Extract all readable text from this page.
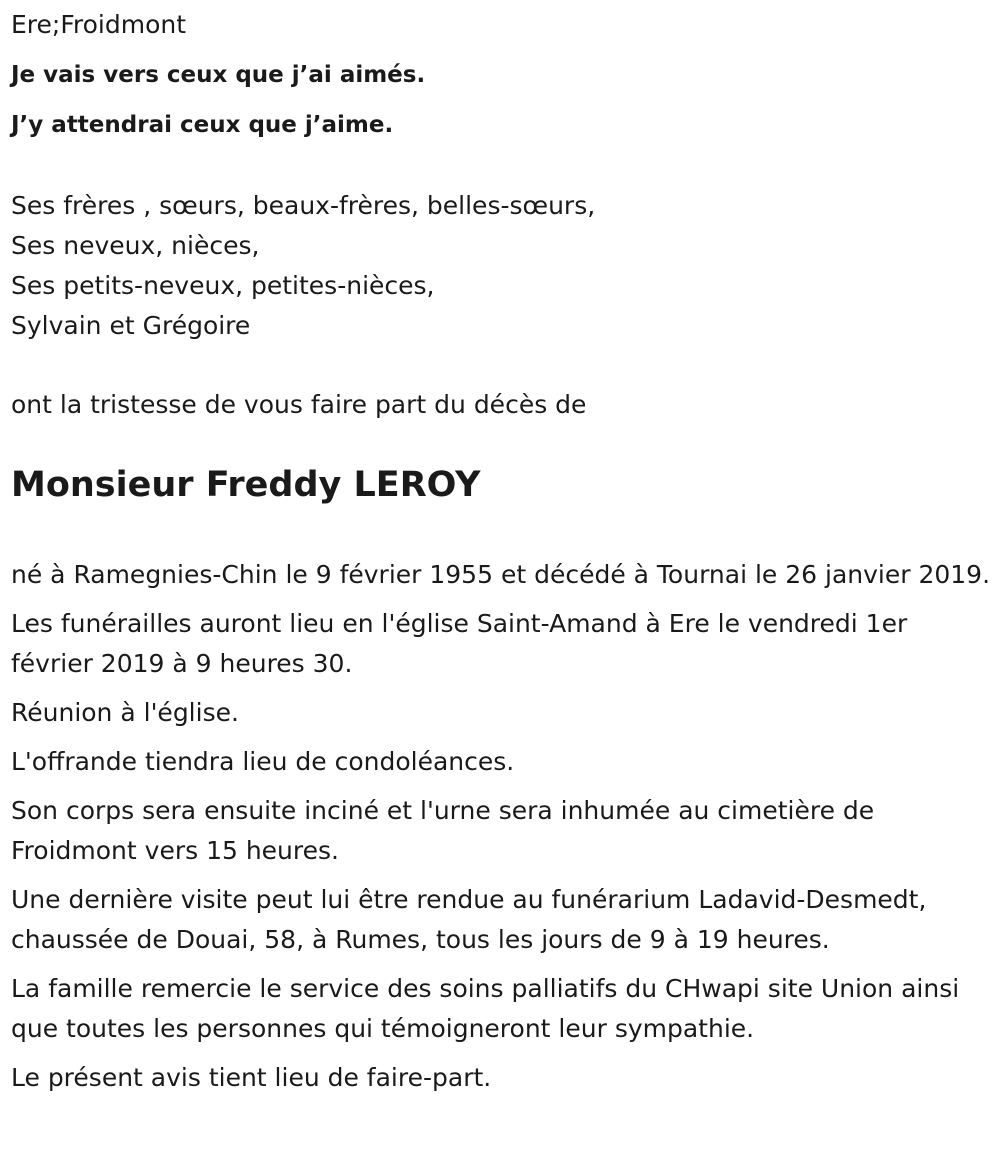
Ere;Froidmont
Je vais vers ceux que j’ai aimés.
J’y attendrai ceux que j’aime.
Ses frères , sœurs, beaux-frères, belles-sœurs,
Ses neveux, nièces,
Ses petits-neveux, petites-nièces,
Sylvain et Grégoire
ont la tristesse de vous faire part du décès de
Monsieur Freddy LEROY

né à Ramegnies-Chin le 9 février 1955 et décédé à Tournai le 26 janvier 2019.

Les funérailles auront lieu en l'église Saint-Amand à Ere le vendredi 1er février 2019 à 9 heures 30.

Réunion à l'église.

L'offrande tiendra lieu de condoléances.

Son corps sera ensuite inciné et l'urne sera inhumée au cimetière de Froidmont vers 15 heures.

Une dernière visite peut lui être rendue au funérarium Ladavid-Desmedt, chaussée de Douai, 58, à Rumes, tous les jours de 9 à 19 heures.

La famille remercie le service des soins palliatifs du CHwapi site Union ainsi que toutes les personnes qui témoigneront leur sympathie.

Le présent avis tient lieu de faire-part.
